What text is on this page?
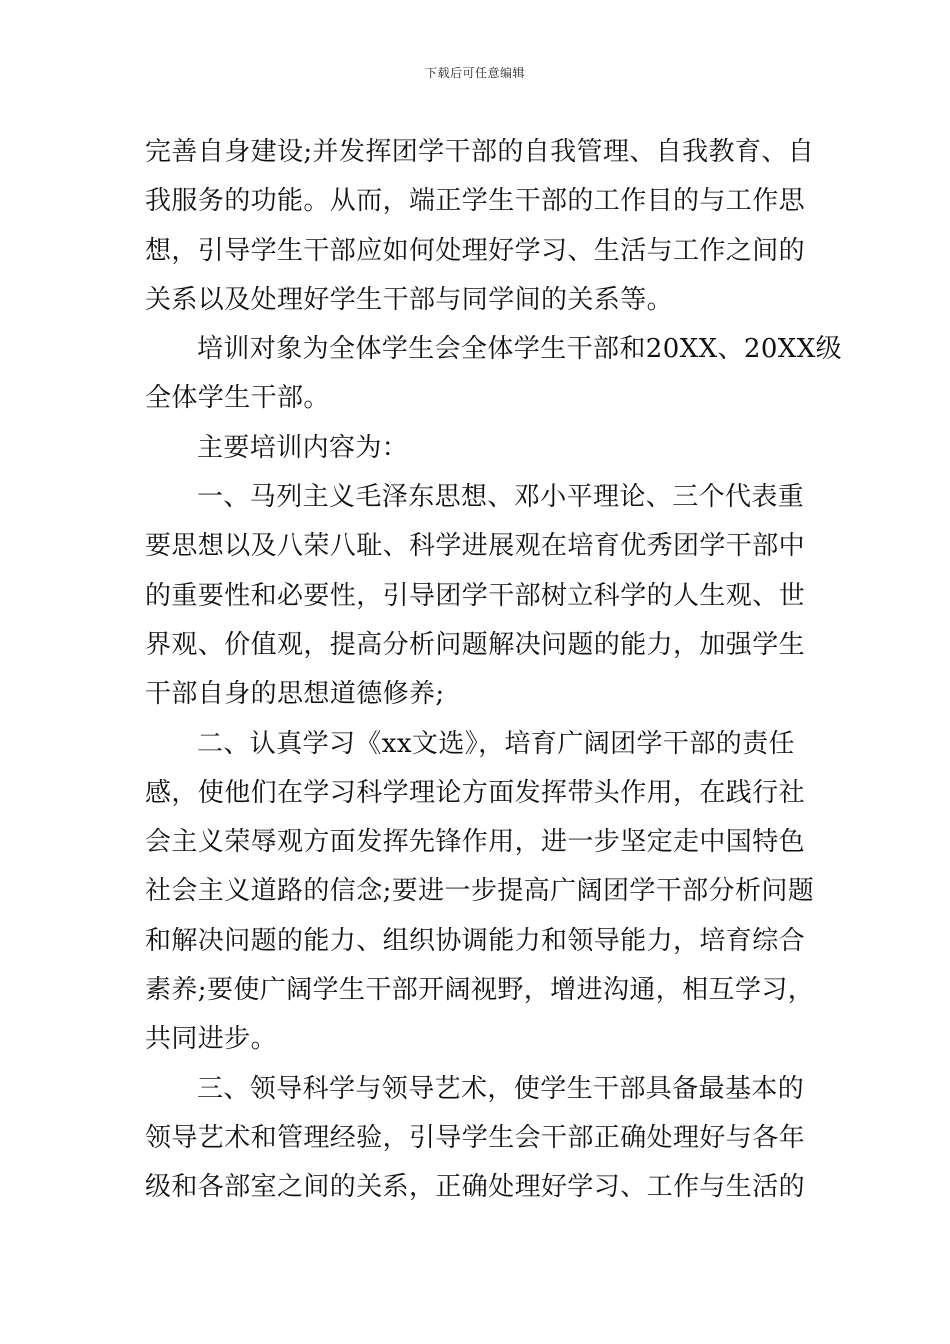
下载后可任意编辑
完善自身建设;并发挥团学干部的自我管理、自我教育、自
我服务的功能。从而，端正学生干部的工作目的与工作思
想，引导学生干部应如何处理好学习、生活与工作之间的
关系以及处理好学生干部与同学间的关系等。
培训对象为全体学生会全体学生干部和20XX、20XX级
全体学生干部。
主要培训内容为：
一、马列主义毛泽东思想、邓小平理论、三个代表重
要思想以及八荣八耻、科学进展观在培育优秀团学干部中
的重要性和必要性，引导团学干部树立科学的人生观、世
界观、价值观，提高分析问题解决问题的能力，加强学生
干部自身的思想道德修养;
二、认真学习《xx文选》，培育广阔团学干部的责任
感，使他们在学习科学理论方面发挥带头作用，在践行社
会主义荣辱观方面发挥先锋作用，进一步坚定走中国特色
社会主义道路的信念;要进一步提高广阔团学干部分析问题
和解决问题的能力、组织协调能力和领导能力，培育综合
素养;要使广阔学生干部开阔视野，增进沟通，相互学习，
共同进步。
三、领导科学与领导艺术，使学生干部具备最基本的
领导艺术和管理经验，引导学生会干部正确处理好与各年
级和各部室之间的关系，正确处理好学习、工作与生活的
